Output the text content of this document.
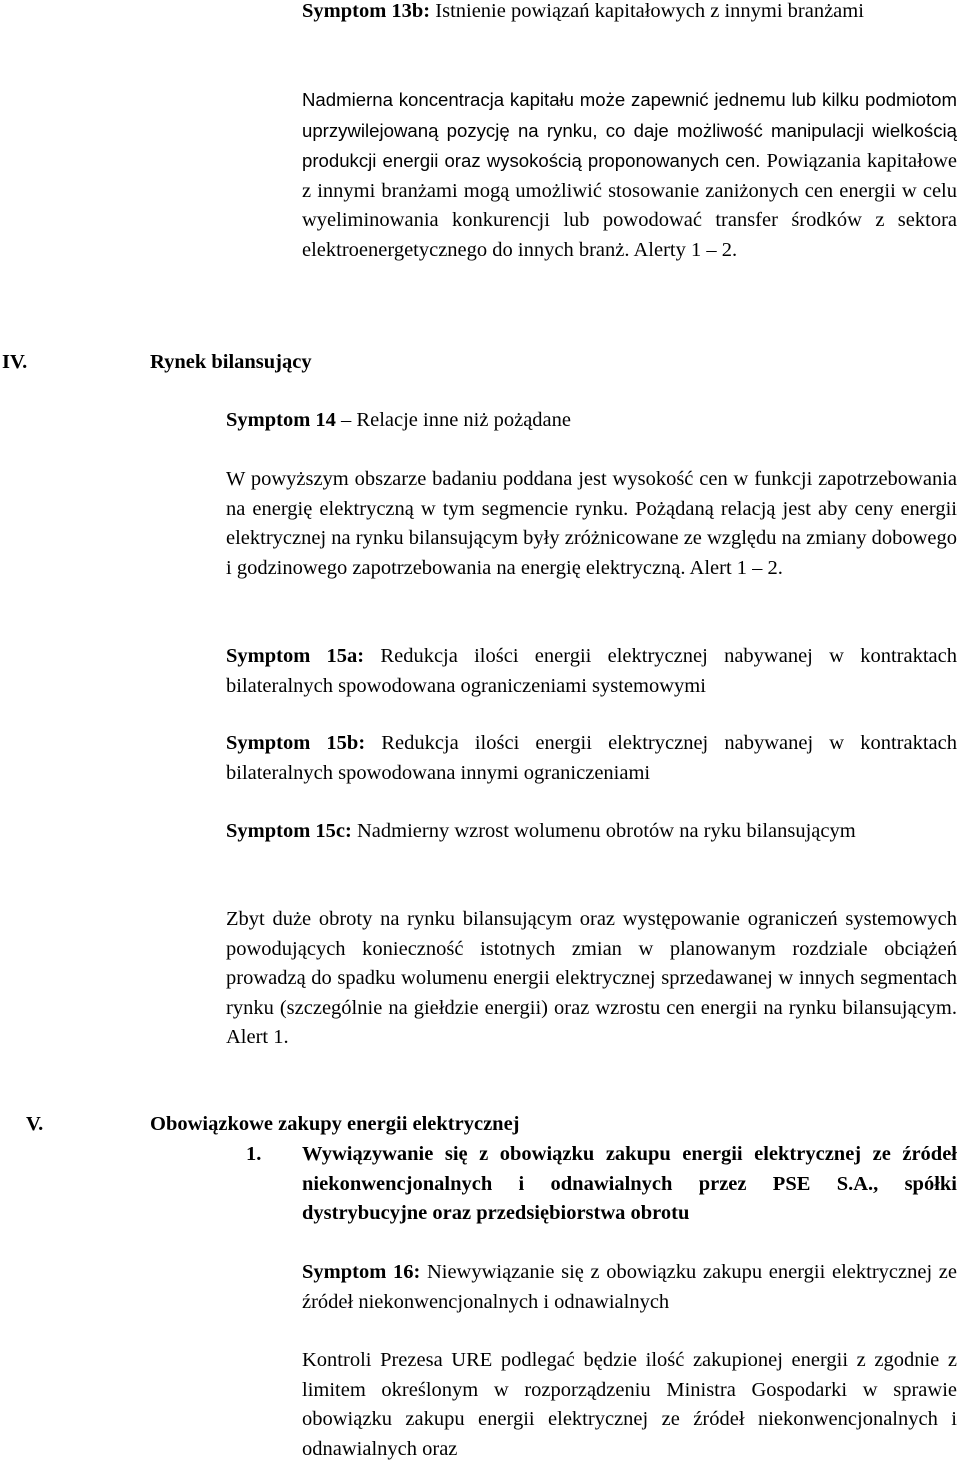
Symptom 13b: Istnienie powiązań kapitałowych z innymi branżami

Nadmierna koncentracja kapitału może zapewnić jednemu lub kilku podmiotom uprzywilejowaną pozycję na rynku, co daje możliwość manipulacji wielkością produkcji energii oraz wysokością proponowanych cen. Powiązania kapitałowe z innymi branżami mogą umożliwić stosowanie zaniżonych cen energii w celu wyeliminowania konkurencji lub powodować transfer środków z sektora elektroenergetycznego do innych branż. Alerty 1 – 2.

IV.	Rynek bilansujący

Symptom 14 – Relacje inne niż pożądane

W powyższym obszarze badaniu poddana jest wysokość cen w funkcji zapotrzebowania na energię elektryczną w tym segmencie rynku. Pożądaną relacją jest aby ceny energii elektrycznej na rynku bilansującym były zróżnicowane ze względu na zmiany dobowego i godzinowego zapotrzebowania na energię elektryczną. Alert 1 – 2.

Symptom 15a: Redukcja ilości energii elektrycznej nabywanej w kontraktach bilateralnych spowodowana ograniczeniami systemowymi

Symptom 15b: Redukcja ilości energii elektrycznej nabywanej w kontraktach bilateralnych spowodowana innymi ograniczeniami

Symptom 15c: Nadmierny wzrost wolumenu obrotów na ryku bilansującym

Zbyt duże obroty na rynku bilansującym oraz występowanie ograniczeń systemowych powodujących konieczność istotnych zmian w planowanym rozdziale obciążeń prowadzą do spadku wolumenu energii elektrycznej sprzedawanej w innych segmentach rynku (szczególnie na giełdzie energii) oraz wzrostu cen energii na rynku bilansującym. Alert 1.

V.	Obowiązkowe zakupy energii elektrycznej

1. Wywiązywanie się z obowiązku zakupu energii elektrycznej ze źródeł niekonwencjonalnych i odnawialnych przez PSE S.A., spółki dystrybucyjne oraz przedsiębiorstwa obrotu

Symptom 16: Niewywiązanie się z obowiązku zakupu energii elektrycznej ze źródeł niekonwencjonalnych i odnawialnych

Kontroli Prezesa URE podlegać będzie ilość zakupionej energii z zgodnie z limitem określonym w rozporządzeniu Ministra Gospodarki w sprawie obowiązku zakupu energii elektrycznej ze źródeł niekonwencjonalnych i odnawialnych oraz
